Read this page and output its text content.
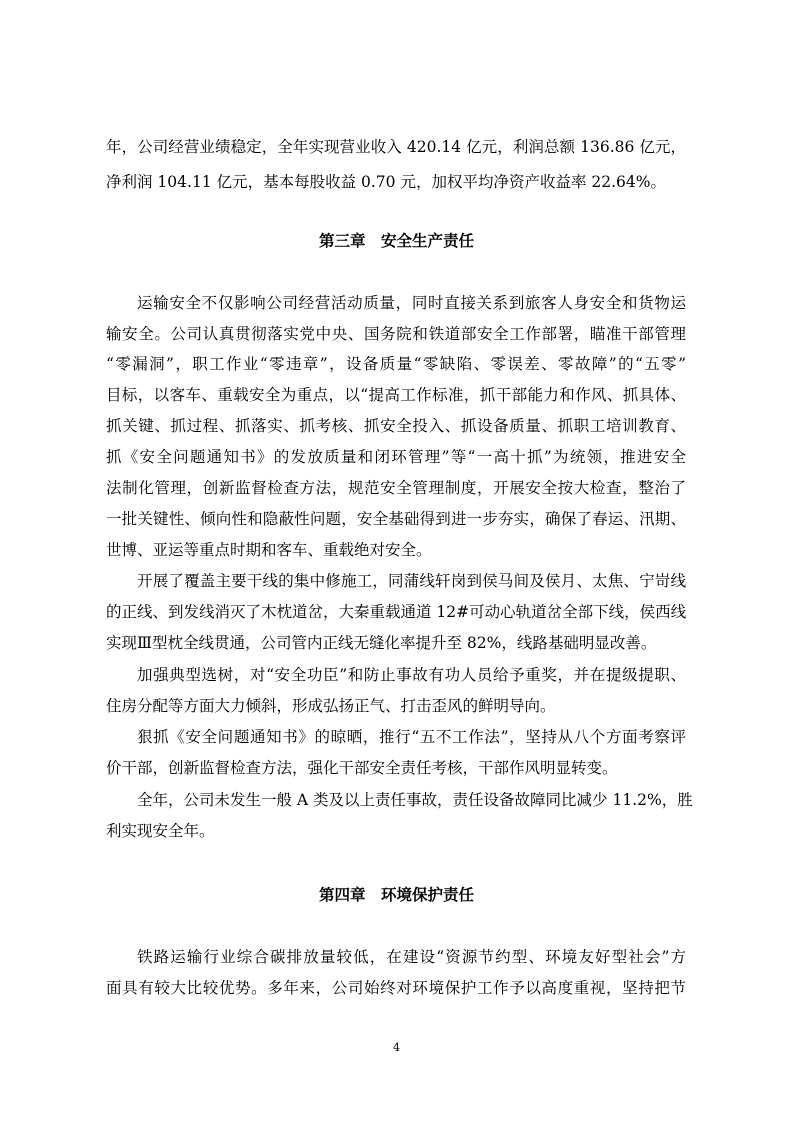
年，公司经营业绩稳定，全年实现营业收入 420.14 亿元，利润总额 136.86 亿元，
净利润 104.11 亿元，基本每股收益 0.70 元，加权平均净资产收益率 22.64%。
第三章　安全生产责任
运输安全不仅影响公司经营活动质量，同时直接关系到旅客人身安全和货物运
输安全。公司认真贯彻落实党中央、国务院和铁道部安全工作部署，瞄准干部管理
“零漏洞”，职工作业“零违章”，设备质量“零缺陷、零误差、零故障”的“五零”
目标，以客车、重载安全为重点，以“提高工作标准，抓干部能力和作风、抓具体、
抓关键、抓过程、抓落实、抓考核、抓安全投入、抓设备质量、抓职工培训教育、
抓《安全问题通知书》的发放质量和闭环管理”等“一高十抓”为统领，推进安全
法制化管理，创新监督检查方法，规范安全管理制度，开展安全按大检查，整治了
一批关键性、倾向性和隐蔽性问题，安全基础得到进一步夯实，确保了春运、汛期、
世博、亚运等重点时期和客车、重载绝对安全。
开展了覆盖主要干线的集中修施工，同蒲线轩岗到侯马间及侯月、太焦、宁岢线
的正线、到发线消灭了木枕道岔，大秦重载通道 12#可动心轨道岔全部下线，侯西线
实现Ⅲ型枕全线贯通，公司管内正线无缝化率提升至 82%，线路基础明显改善。
加强典型选树，对“安全功臣”和防止事故有功人员给予重奖，并在提级提职、
住房分配等方面大力倾斜，形成弘扬正气、打击歪风的鲜明导向。
狠抓《安全问题通知书》的晾晒，推行“五不工作法”，坚持从八个方面考察评
价干部，创新监督检查方法，强化干部安全责任考核，干部作风明显转变。
全年，公司未发生一般 A 类及以上责任事故，责任设备故障同比减少 11.2%，胜
利实现安全年。
第四章　环境保护责任
铁路运输行业综合碳排放量较低，在建设“资源节约型、环境友好型社会”方
面具有较大比较优势。多年来，公司始终对环境保护工作予以高度重视，坚持把节
4
